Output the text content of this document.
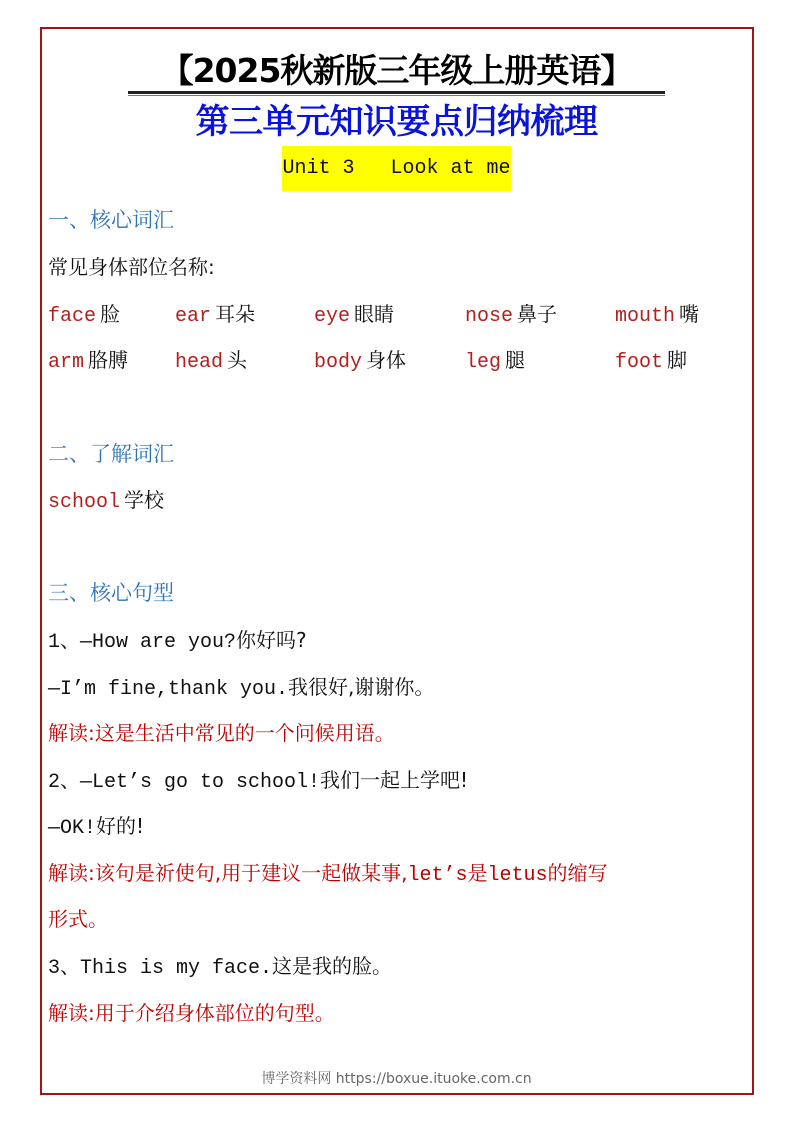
【2025秋新版三年级上册英语】
第三单元知识要点归纳梳理
Unit 3   Look at me
一、核心词汇
常见身体部位名称:
face 脸	ear 耳朵	eye 眼睛	nose 鼻子	mouth 嘴
arm 胳膊 head 头	body 身体	leg 腿	foot 脚
二、了解词汇
school 学校
三、核心句型
1、—How are you?你好吗?
—I’m fine,thank you.我很好,谢谢你。
解读:这是生活中常见的一个问候用语。
2、—Let’s go to school!我们一起上学吧!
—OK!好的!
解读:该句是祈使句,用于建议一起做某事,let’s是letus的缩写
形式。
3、This is my face.这是我的脸。
解读:用于介绍身体部位的句型。
博学资料网 https://boxue.ituoke.com.cn
